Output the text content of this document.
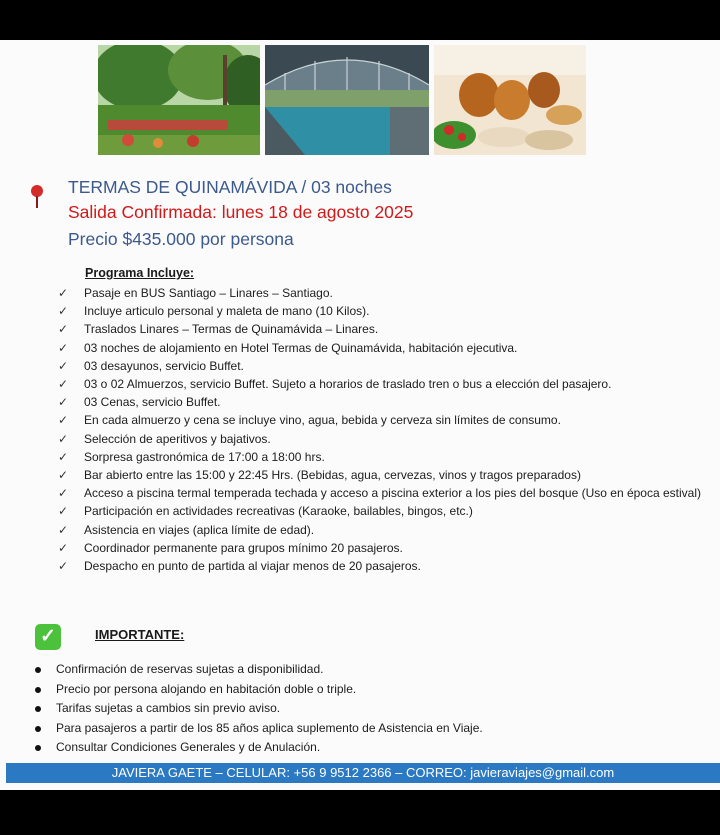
TERMAS DE QUINAMÁVIDA / 03 noches

Salida Confirmada: lunes 18 de agosto 2025

Precio $435.000 por persona

Programa Incluye:

✓ Pasaje en BUS Santiago – Linares – Santiago.
✓ Incluye articulo personal y maleta de mano (10 Kilos).
✓ Traslados Linares – Termas de Quinamávida – Linares.
✓ 03 noches de alojamiento en Hotel Termas de Quinamávida, habitación ejecutiva.
✓ 03 desayunos, servicio Buffet.
✓ 03 o 02 Almuerzos, servicio Buffet. Sujeto a horarios de traslado tren o bus a elección del pasajero.
✓ 03 Cenas, servicio Buffet.
✓ En cada almuerzo y cena se incluye vino, agua, bebida y cerveza sin límites de consumo.
✓ Selección de aperitivos y bajativos.
✓ Sorpresa gastronómica de 17:00 a 18:00 hrs.
✓ Bar abierto entre las 15:00 y 22:45 Hrs. (Bebidas, agua, cervezas, vinos y tragos preparados)
✓ Acceso a piscina termal temperada techada y acceso a piscina exterior a los pies del bosque (Uso en época estival)
✓ Participación en actividades recreativas (Karaoke, bailables, bingos, etc.)
✓ Asistencia en viajes (aplica límite de edad).
✓ Coordinador permanente para grupos mínimo 20 pasajeros.
✓ Despacho en punto de partida al viajar menos de 20 pasajeros.
✓	IMPORTANTE:

Confirmación de reservas sujetas a disponibilidad.
Precio por persona alojando en habitación doble o triple.
Tarifas sujetas a cambios sin previo aviso.
Para pasajeros a partir de los 85 años aplica suplemento de Asistencia en Viaje.
Consultar Condiciones Generales y de Anulación.
JAVIERA GAETE – CELULAR: +56 9 9512 2366 – CORREO: javieraviajes@gmail.com
